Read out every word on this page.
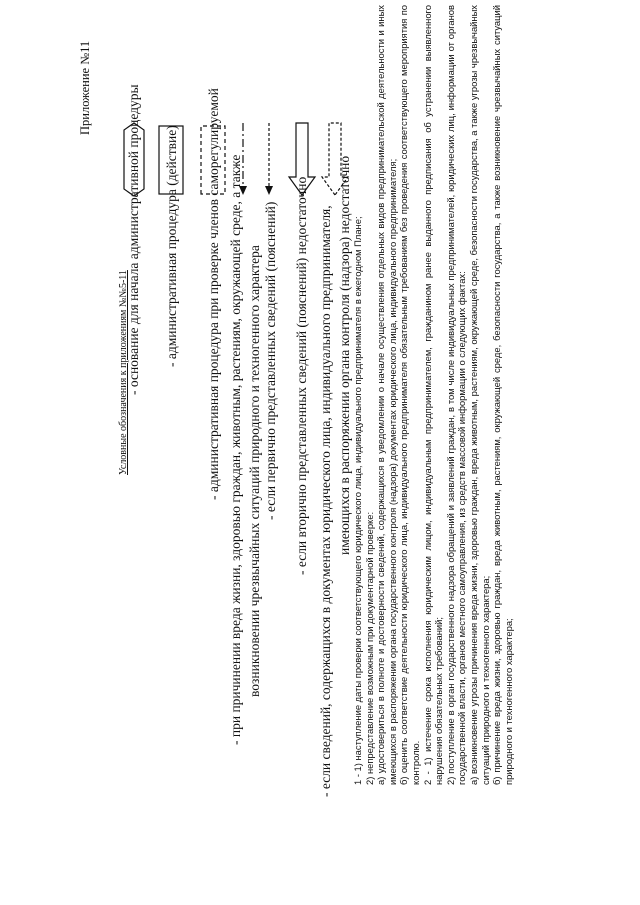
Приложение №11
Условные обозначения к приложениям №№5-11
- основание для начала административной процедуры - административная процедура (действие) - административная процедура при проверке членов саморегулируемой - при причинении вреда жизни, здоровью граждан, животным, растениям, окружающей среде, а также возникновении чрезвычайных ситуаций природного и техногенного характера - если первично представленных сведений (пояснений) - если вторично представленных сведений (пояснений) недостаточно - если сведений, содержащихся в документах юридического лица, индивидуального предпринимателя, имеющихся в распоряжении органа контроля (надзора) недостаточно 1 - 1) наступление даты проверки соответствующего юридического лица, индивидуального предпринимателя в ежегодном Плане; 2) непредставление возможным при документарной проверке: а) удостовериться в полноте и достоверности сведений, содержащихся в уведомлении о начале осуществления отдельных видов предпринимательской деятельности и иных имеющихся в распоряжении органа государственного контроля (надзора) документах юридического лица, индивидуального предпринимателя; б) оценить соответствие деятельности юридического лица, индивидуального предпринимателя обязательным требованиям без проведения соответствующего мероприятия по контролю. 2 - 1) истечение срока исполнения юридическим лицом, индивидуальным предпринимателем, гражданином ранее выданного предписания об устранении выявленного нарушения обязательных требований; 2) поступление в орган государственного надзора обращений и заявлений граждан, в том числе индивидуальных предпринимателей, юридических лиц, информации от органов государственной власти, органов местного самоуправления, из средств массовой информации о следующих фактах: а) возникновение угрозы причинения вреда жизни, здоровью граждан, вреда животным, растениям, окружающей среде, безопасности государства, а также угрозы чрезвычайных ситуаций природного и техногенного характера; б) причинение вреда жизни, здоровью граждан, вреда животным, растениям, окружающей среде, безопасности государства, а также возникновение чрезвычайных ситуаций природного и техногенного характера;
